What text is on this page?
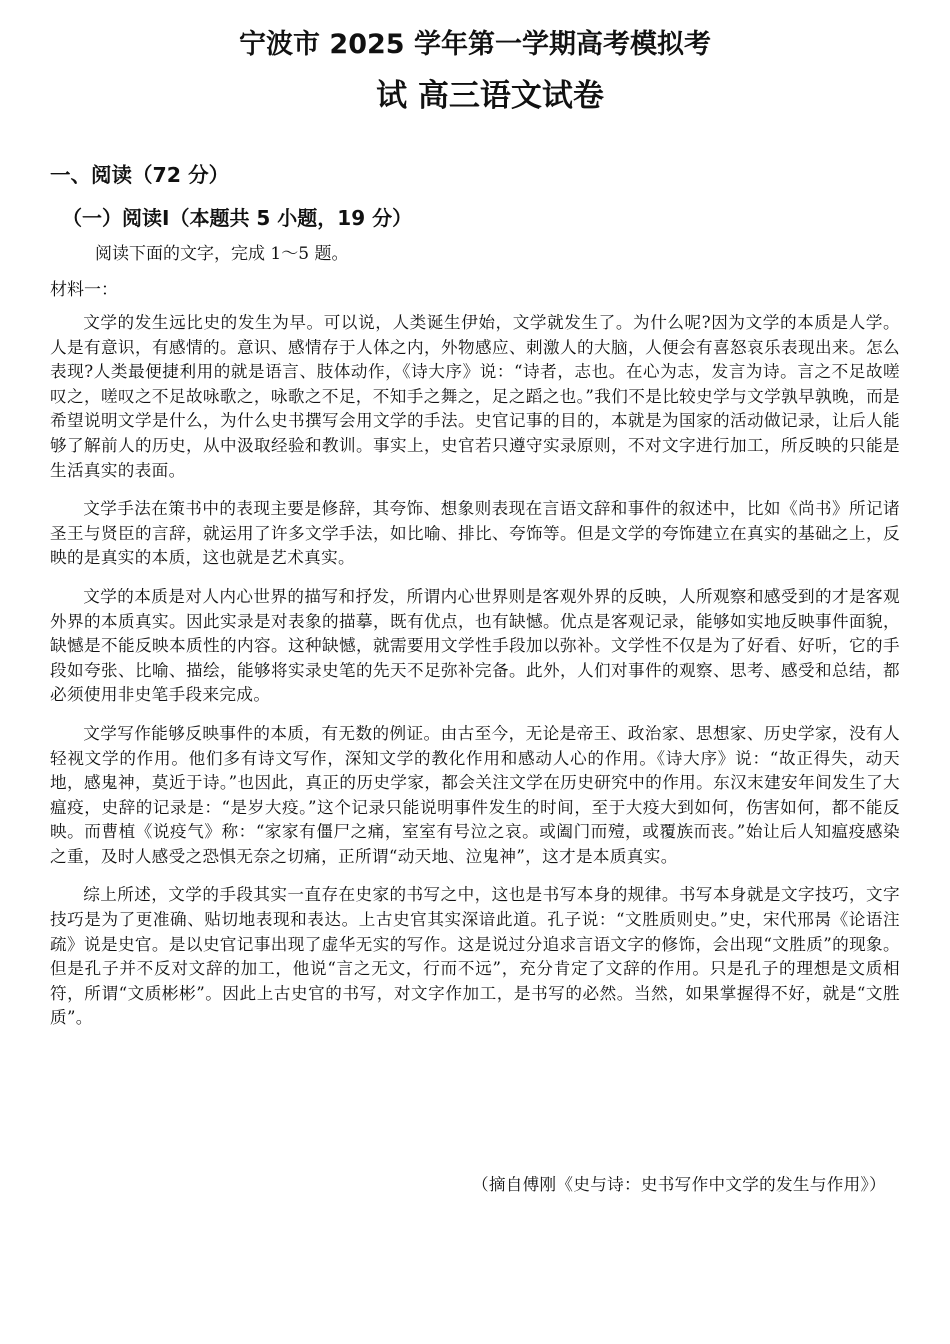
宁波市 2025 学年第一学期高考模拟考
试 高三语文试卷
一、阅读（72 分）
（一）阅读Ⅰ（本题共 5 小题，19 分）
阅读下面的文字，完成 1～5 题。
材料一：

文学的发生远比史的发生为早。可以说，人类诞生伊始，文学就发生了。为什么呢?因为文学的本质是人学。人是有意识，有感情的。意识、感情存于人体之内，外物感应、刺激人的大脑，人便会有喜怒哀乐表现出来。怎么表现?人类最便捷利用的就是语言、肢体动作，《诗大序》说：“诗者，志也。在心为志，发言为诗。言之不足故嗟叹之，嗟叹之不足故咏歌之，咏歌之不足，不知手之舞之，足之蹈之也。”我们不是比较史学与文学孰早孰晚，而是希望说明文学是什么，为什么史书撰写会用文学的手法。史官记事的目的，本就是为国家的活动做记录，让后人能够了解前人的历史，从中汲取经验和教训。事实上，史官若只遵守实录原则，不对文字进行加工，所反映的只能是生活真实的表面。

文学手法在策书中的表现主要是修辞，其夸饰、想象则表现在言语文辞和事件的叙述中，比如《尚书》所记诸圣王与贤臣的言辞，就运用了许多文学手法，如比喻、排比、夸饰等。但是文学的夸饰建立在真实的基础之上，反映的是真实的本质，这也就是艺术真实。

文学的本质是对人内心世界的描写和抒发，所谓内心世界则是客观外界的反映，人所观察和感受到的才是客观外界的本质真实。因此实录是对表象的描摹，既有优点，也有缺憾。优点是客观记录，能够如实地反映事件面貌，缺憾是不能反映本质性的内容。这种缺憾，就需要用文学性手段加以弥补。文学性不仅是为了好看、好听，它的手段如夸张、比喻、描绘，能够将实录史笔的先天不足弥补完备。此外，人们对事件的观察、思考、感受和总结，都必须使用非史笔手段来完成。

文学写作能够反映事件的本质，有无数的例证。由古至今，无论是帝王、政治家、思想家、历史学家，没有人轻视文学的作用。他们多有诗文写作，深知文学的教化作用和感动人心的作用。《诗大序》说：“故正得失，动天地，感鬼神，莫近于诗。”也因此，真正的历史学家，都会关注文学在历史研究中的作用。东汉末建安年间发生了大瘟疫，史辞的记录是：“是岁大疫。”这个记录只能说明事件发生的时间，至于大疫大到如何，伤害如何，都不能反映。而曹植《说疫气》称：“家家有僵尸之痛，室室有号泣之哀。或阖门而殪，或覆族而丧。”始让后人知瘟疫感染之重，及时人感受之恐惧无奈之切痛，正所谓“动天地、泣鬼神”，这才是本质真实。

综上所述，文学的手段其实一直存在史家的书写之中，这也是书写本身的规律。书写本身就是文字技巧，文字技巧是为了更准确、贴切地表现和表达。上古史官其实深谙此道。孔子说：“文胜质则史。”史，宋代邢昺《论语注疏》说是史官。是以史官记事出现了虚华无实的写作。这是说过分追求言语文字的修饰，会出现“文胜质”的现象。但是孔子并不反对文辞的加工，他说“言之无文，行而不远”，充分肯定了文辞的作用。只是孔子的理想是文质相符，所谓“文质彬彬”。因此上古史官的书写，对文字作加工，是书写的必然。当然，如果掌握得不好，就是“文胜质”。

（摘自傅刚《史与诗：史书写作中文学的发生与作用》）
